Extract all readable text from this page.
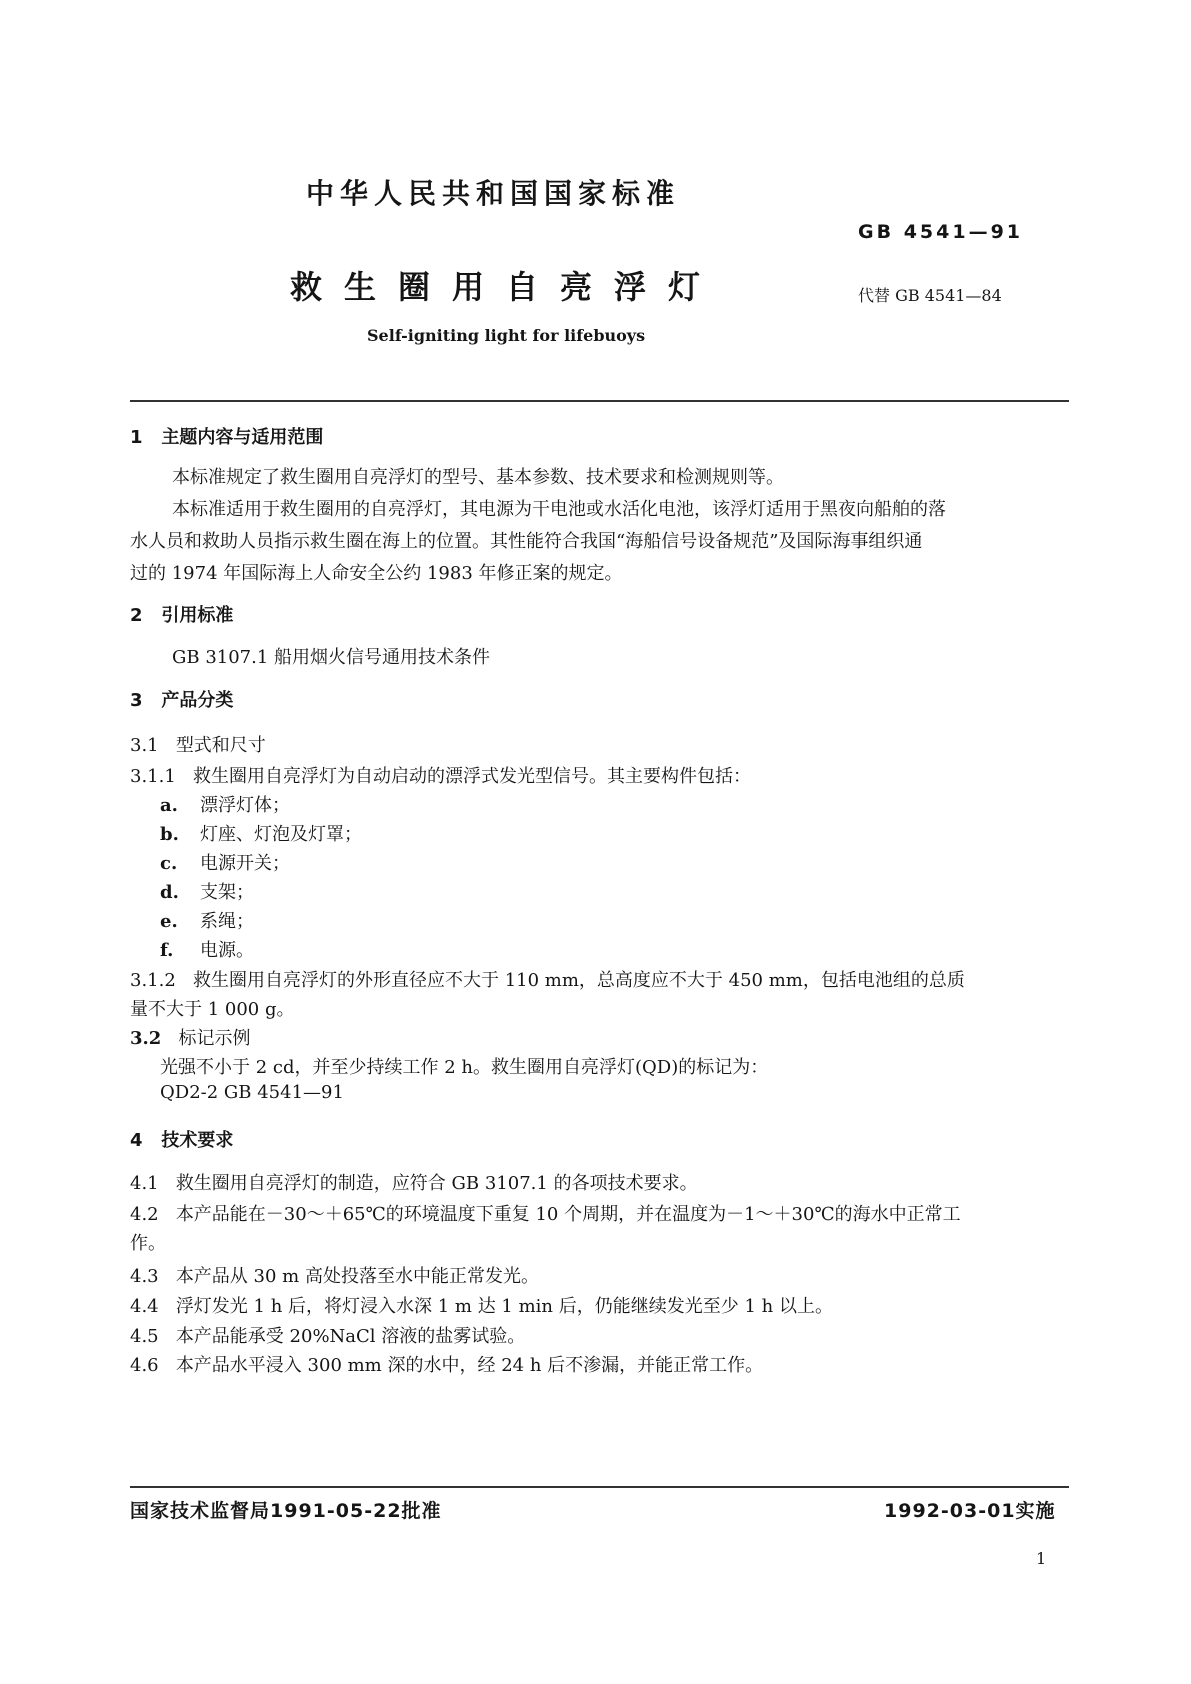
中华人民共和国国家标准
GB 4541—91
救生圈用自亮浮灯	代替 GB 4541—84
Self-igniting light for lifebuoys
1 主题内容与适用范围
本标准规定了救生圈用自亮浮灯的型号、基本参数、技术要求和检测规则等。
本标准适用于救生圈用的自亮浮灯，其电源为干电池或水活化电池，该浮灯适用于黑夜向船舶的落
水人员和救助人员指示救生圈在海上的位置。其性能符合我国“海船信号设备规范”及国际海事组织通
过的 1974 年国际海上人命安全公约 1983 年修正案的规定。
2 引用标准
GB 3107.1 船用烟火信号通用技术条件
3 产品分类
3.1 型式和尺寸
3.1.1 救生圈用自亮浮灯为自动启动的漂浮式发光型信号。其主要构件包括：
a. 漂浮灯体；
b. 灯座、灯泡及灯罩；
c. 电源开关；
d. 支架；
e. 系绳；
f. 电源。
3.1.2 救生圈用自亮浮灯的外形直径应不大于 110 mm，总高度应不大于 450 mm，包括电池组的总质
量不大于 1 000 g。
3.2 标记示例
光强不小于 2 cd，并至少持续工作 2 h。救生圈用自亮浮灯(QD)的标记为：
QD2-2 GB 4541—91
4 技术要求
4.1 救生圈用自亮浮灯的制造，应符合 GB 3107.1 的各项技术要求。
4.2 本产品能在－30～＋65℃的环境温度下重复 10 个周期，并在温度为－1～＋30℃的海水中正常工
作。
4.3 本产品从 30 m 高处投落至水中能正常发光。
4.4 浮灯发光 1 h 后，将灯浸入水深 1 m 达 1 min 后，仍能继续发光至少 1 h 以上。
4.5 本产品能承受 20%NaCl 溶液的盐雾试验。
4.6 本产品水平浸入 300 mm 深的水中，经 24 h 后不渗漏，并能正常工作。
国家技术监督局1991-05-22批准	1992-03-01实施
1
